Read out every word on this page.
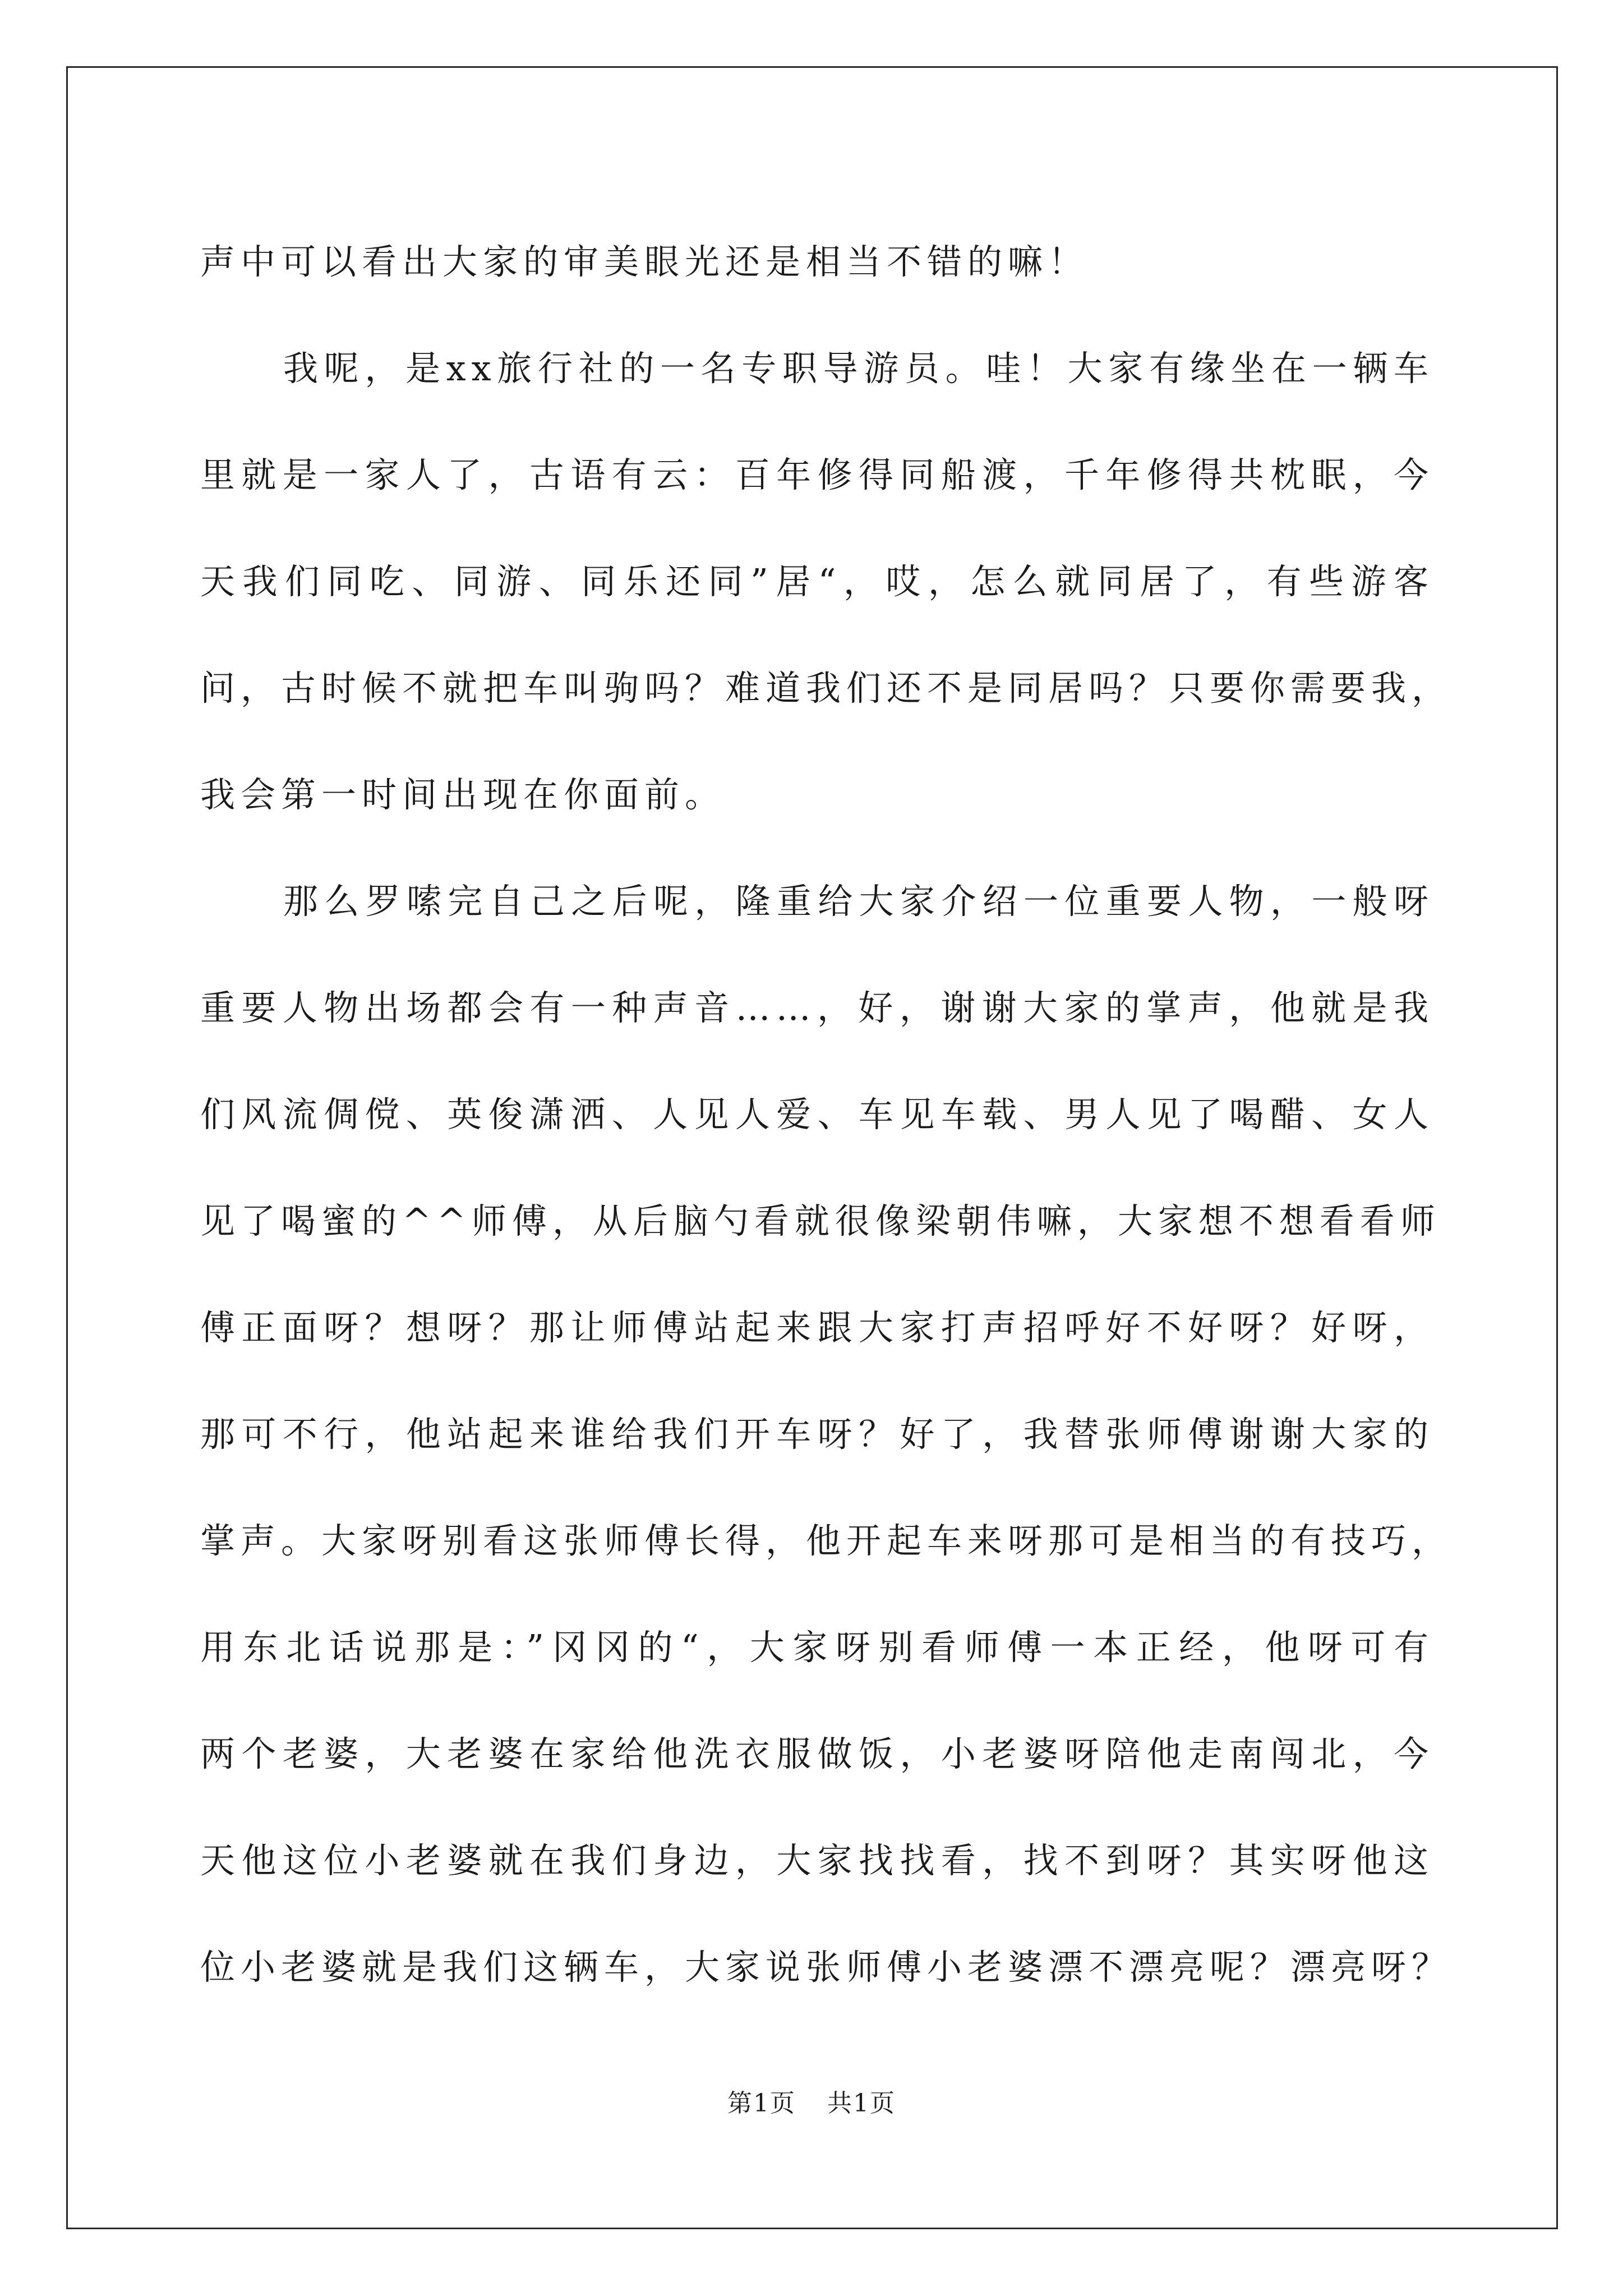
声中可以看出大家的审美眼光还是相当不错的嘛！
我呢，是xx旅行社的一名专职导游员。哇！大家有缘坐在一辆车
里就是一家人了，古语有云：百年修得同船渡，千年修得共枕眠，今
天我们同吃、同游、同乐还同”居“，哎，怎么就同居了，有些游客
问，古时候不就把车叫驹吗？难道我们还不是同居吗？只要你需要我，
我会第一时间出现在你面前。
那么罗嗦完自己之后呢，隆重给大家介绍一位重要人物，一般呀
重要人物出场都会有一种声音……，好，谢谢大家的掌声，他就是我
们风流倜傥、英俊潇洒、人见人爱、车见车载、男人见了喝醋、女人
见了喝蜜的^^师傅，从后脑勺看就很像梁朝伟嘛，大家想不想看看师
傅正面呀？想呀？那让师傅站起来跟大家打声招呼好不好呀？好呀，
那可不行，他站起来谁给我们开车呀？好了，我替张师傅谢谢大家的
掌声。大家呀别看这张师傅长得，他开起车来呀那可是相当的有技巧，
用东北话说那是：”冈冈的“，大家呀别看师傅一本正经，他呀可有
两个老婆，大老婆在家给他洗衣服做饭，小老婆呀陪他走南闯北，今
天他这位小老婆就在我们身边，大家找找看，找不到呀？其实呀他这
位小老婆就是我们这辆车，大家说张师傅小老婆漂不漂亮呢？漂亮呀？
第1页 共1页
